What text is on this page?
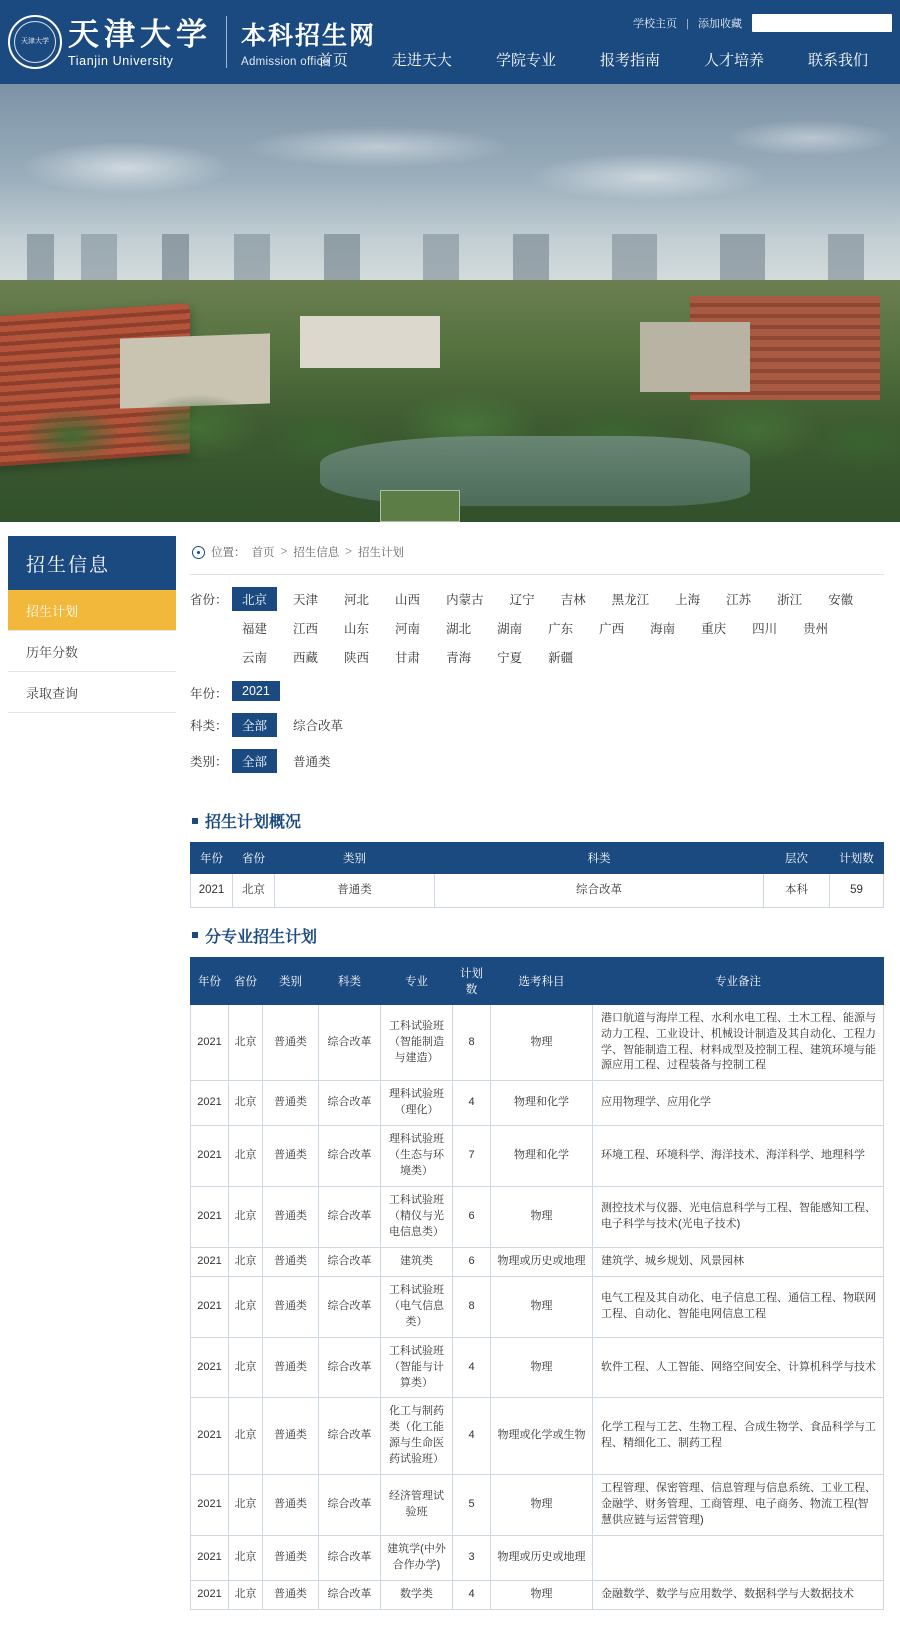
天津大学 天津大学
Tianjin University
本科招生网
Admission office
学校主页 | 添加收藏
首页	走进天大	学院专业	报考指南	人才培养	联系我们
招生信息
招生计划
历年分数
录取查询
位置： 首页 > 招生信息 > 招生计划
省份：	北京	天津	河北	山西	内蒙古	辽宁	吉林	黑龙江	上海	江苏	浙江	安徽
福建	江西	山东	河南	湖北	湖南	广东	广西	海南	重庆	四川	贵州
云南	西藏	陕西	甘肃	青海	宁夏	新疆
年份：	2021
科类：	全部	综合改革
类别：	全部	普通类
招生计划概况
年份	省份	类别	科类	层次	计划数
2021	北京	普通类	综合改革	本科	59
分专业招生计划
年份	省份	类别	科类	专业	计划数	选考科目	专业备注
2021	北京	普通类	综合改革	工科试验班（智能制造与建造）	8	物理	港口航道与海岸工程、水利水电工程、土木工程、能源与动力工程、工业设计、机械设计制造及其自动化、工程力学、智能制造工程、材料成型及控制工程、建筑环境与能源应用工程、过程装备与控制工程
2021	北京	普通类	综合改革	理科试验班（理化）	4	物理和化学	应用物理学、应用化学
2021	北京	普通类	综合改革	理科试验班（生态与环境类）	7	物理和化学	环境工程、环境科学、海洋技术、海洋科学、地理科学
2021	北京	普通类	综合改革	工科试验班（精仪与光电信息类）	6	物理	测控技术与仪器、光电信息科学与工程、智能感知工程、电子科学与技术(光电子技术)
2021	北京	普通类	综合改革	建筑类	6	物理或历史或地理	建筑学、城乡规划、风景园林
2021	北京	普通类	综合改革	工科试验班（电气信息类）	8	物理	电气工程及其自动化、电子信息工程、通信工程、物联网工程、自动化、智能电网信息工程
2021	北京	普通类	综合改革	工科试验班（智能与计算类）	4	物理	软件工程、人工智能、网络空间安全、计算机科学与技术
2021	北京	普通类	综合改革	化工与制药类（化工能源与生命医药试验班）	4	物理或化学或生物	化学工程与工艺、生物工程、合成生物学、食品科学与工程、精细化工、制药工程
2021	北京	普通类	综合改革	经济管理试验班	5	物理	工程管理、保密管理、信息管理与信息系统、工业工程、金融学、财务管理、工商管理、电子商务、物流工程(智慧供应链与运营管理)
2021	北京	普通类	综合改革	建筑学(中外合作办学)	3	物理或历史或地理	
2021	北京	普通类	综合改革	数学类	4	物理	金融数学、数学与应用数学、数据科学与大数据技术
